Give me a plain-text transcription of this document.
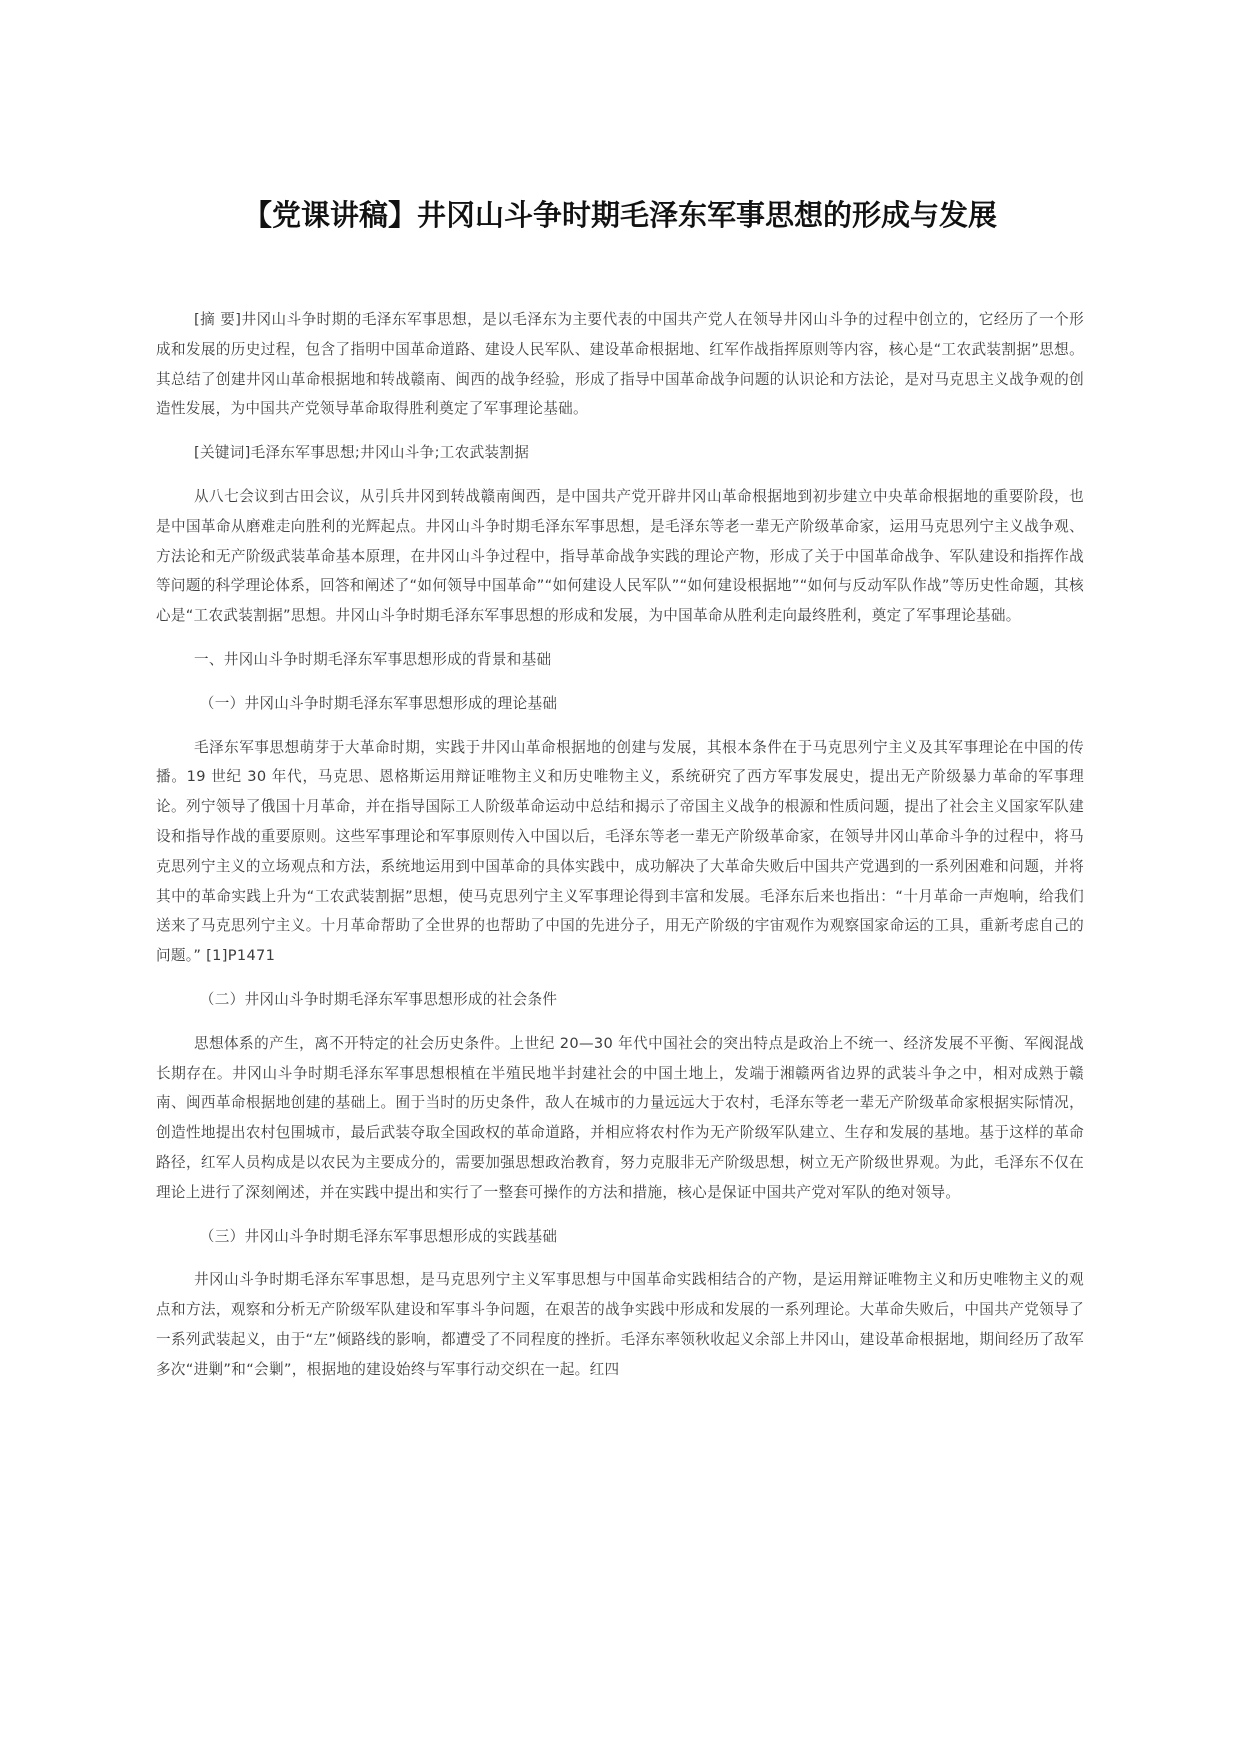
【党课讲稿】井冈山斗争时期毛泽东军事思想的形成与发展

[摘 要]井冈山斗争时期的毛泽东军事思想，是以毛泽东为主要代表的中国共产党人在领导井冈山斗争的过程中创立的，它经历了一个形成和发展的历史过程，包含了指明中国革命道路、建设人民军队、建设革命根据地、红军作战指挥原则等内容，核心是“工农武装割据”思想。其总结了创建井冈山革命根据地和转战赣南、闽西的战争经验，形成了指导中国革命战争问题的认识论和方法论，是对马克思主义战争观的创造性发展，为中国共产党领导革命取得胜利奠定了军事理论基础。

[关键词]毛泽东军事思想;井冈山斗争;工农武装割据

从八七会议到古田会议，从引兵井冈到转战赣南闽西，是中国共产党开辟井冈山革命根据地到初步建立中央革命根据地的重要阶段，也是中国革命从磨难走向胜利的光辉起点。井冈山斗争时期毛泽东军事思想，是毛泽东等老一辈无产阶级革命家，运用马克思列宁主义战争观、方法论和无产阶级武装革命基本原理，在井冈山斗争过程中，指导革命战争实践的理论产物，形成了关于中国革命战争、军队建设和指挥作战等问题的科学理论体系，回答和阐述了“如何领导中国革命”“如何建设人民军队”“如何建设根据地”“如何与反动军队作战”等历史性命题，其核心是“工农武装割据”思想。井冈山斗争时期毛泽东军事思想的形成和发展，为中国革命从胜利走向最终胜利，奠定了军事理论基础。

一、井冈山斗争时期毛泽东军事思想形成的背景和基础

（一）井冈山斗争时期毛泽东军事思想形成的理论基础

毛泽东军事思想萌芽于大革命时期，实践于井冈山革命根据地的创建与发展，其根本条件在于马克思列宁主义及其军事理论在中国的传播。19 世纪 30 年代，马克思、恩格斯运用辩证唯物主义和历史唯物主义，系统研究了西方军事发展史，提出无产阶级暴力革命的军事理论。列宁领导了俄国十月革命，并在指导国际工人阶级革命运动中总结和揭示了帝国主义战争的根源和性质问题，提出了社会主义国家军队建设和指导作战的重要原则。这些军事理论和军事原则传入中国以后，毛泽东等老一辈无产阶级革命家，在领导井冈山革命斗争的过程中，将马克思列宁主义的立场观点和方法，系统地运用到中国革命的具体实践中，成功解决了大革命失败后中国共产党遇到的一系列困难和问题，并将其中的革命实践上升为“工农武装割据”思想，使马克思列宁主义军事理论得到丰富和发展。毛泽东后来也指出：“十月革命一声炮响，给我们送来了马克思列宁主义。十月革命帮助了全世界的也帮助了中国的先进分子，用无产阶级的宇宙观作为观察国家命运的工具，重新考虑自己的问题。” [1]P1471

（二）井冈山斗争时期毛泽东军事思想形成的社会条件

思想体系的产生，离不开特定的社会历史条件。上世纪 20—30 年代中国社会的突出特点是政治上不统一、经济发展不平衡、军阀混战长期存在。井冈山斗争时期毛泽东军事思想根植在半殖民地半封建社会的中国土地上，发端于湘赣两省边界的武装斗争之中，相对成熟于赣南、闽西革命根据地创建的基础上。囿于当时的历史条件，敌人在城市的力量远远大于农村，毛泽东等老一辈无产阶级革命家根据实际情况，创造性地提出农村包围城市，最后武装夺取全国政权的革命道路，并相应将农村作为无产阶级军队建立、生存和发展的基地。基于这样的革命路径，红军人员构成是以农民为主要成分的，需要加强思想政治教育，努力克服非无产阶级思想，树立无产阶级世界观。为此，毛泽东不仅在理论上进行了深刻阐述，并在实践中提出和实行了一整套可操作的方法和措施，核心是保证中国共产党对军队的绝对领导。

（三）井冈山斗争时期毛泽东军事思想形成的实践基础

井冈山斗争时期毛泽东军事思想，是马克思列宁主义军事思想与中国革命实践相结合的产物，是运用辩证唯物主义和历史唯物主义的观点和方法，观察和分析无产阶级军队建设和军事斗争问题，在艰苦的战争实践中形成和发展的一系列理论。大革命失败后，中国共产党领导了一系列武装起义，由于“左”倾路线的影响，都遭受了不同程度的挫折。毛泽东率领秋收起义余部上井冈山，建设革命根据地，期间经历了敌军多次“进剿”和“会剿”，根据地的建设始终与军事行动交织在一起。红四
